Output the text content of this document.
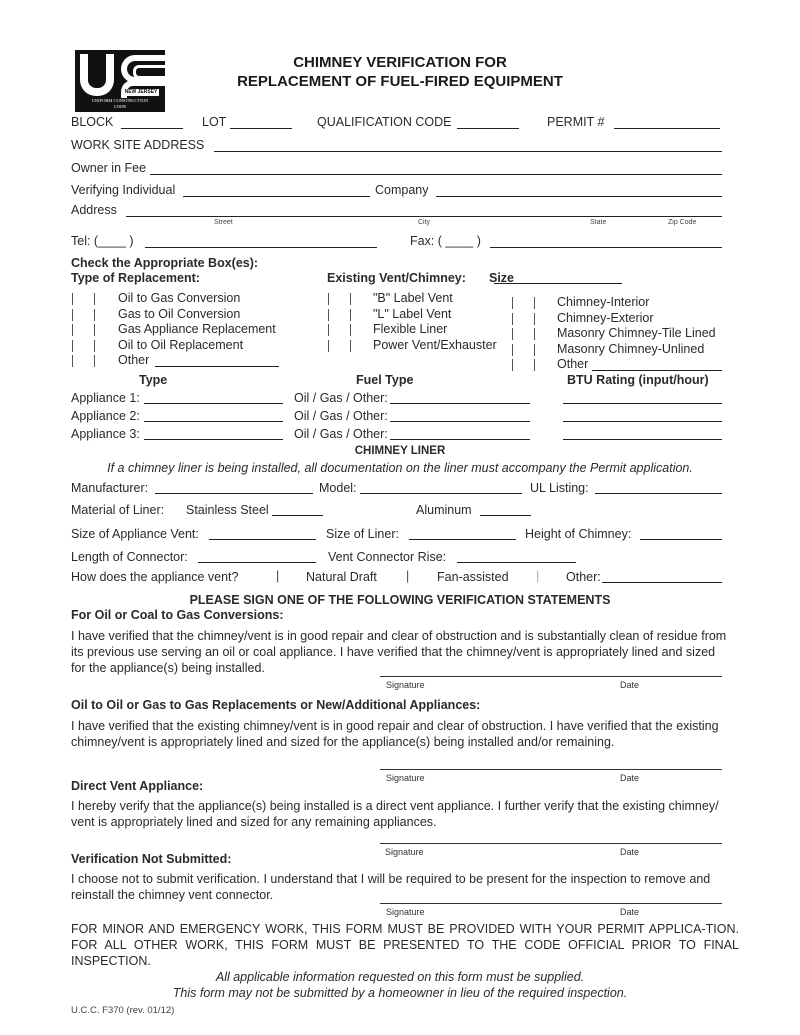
NEW JERSEY
UNIFORM CONSTRUCTION
CODE
CHIMNEY VERIFICATION FOR
REPLACEMENT OF FUEL-FIRED EQUIPMENT
BLOCK	LOT	QUALIFICATION CODE	PERMIT #
WORK SITE ADDRESS
Owner in Fee
Verifying Individual	Company
Address
Street	City	State	Zip Code
Tel: (____ )	Fax: ( ____ )
Check the Appropriate Box(es):
Type of Replacement:	Existing Vent/Chimney: Size
Oil to Gas Conversion
Gas to Oil Conversion
Gas Appliance Replacement
Oil to Oil Replacement
Other
"B" Label Vent
"L" Label Vent
Flexible Liner
Power Vent/Exhauster
Chimney-Interior
Chimney-Exterior
Masonry Chimney-Tile Lined
Masonry Chimney-Unlined
Other
Type	Fuel Type	BTU Rating (input/hour)
Appliance 1:	Oil / Gas / Other:
Appliance 2:	Oil / Gas / Other:
Appliance 3:	Oil / Gas / Other:
CHIMNEY LINER
If a chimney liner is being installed, all documentation on the liner must accompany the Permit application.
Manufacturer:	Model:	UL Listing:
Material of Liner: Stainless Steel	Aluminum
Size of Appliance Vent:	Size of Liner:	Height of Chimney:
Length of Connector:	Vent Connector Rise:
How does the appliance vent?	| Natural Draft | Fan-assisted | Other:
PLEASE SIGN ONE OF THE FOLLOWING VERIFICATION STATEMENTS
For Oil or Coal to Gas Conversions:
I have verified that the chimney/vent is in good repair and clear of obstruction and is substantially clean of residue from its previous use serving an oil or coal appliance. I have verified that the chimney/vent is appropriately lined and sized for the appliance(s) being installed.
Signature	Date
Oil to Oil or Gas to Gas Replacements or New/Additional Appliances:
I have verified that the existing chimney/vent is in good repair and clear of obstruction. I have verified that the existing chimney/vent is appropriately lined and sized for the appliance(s) being installed and/or remaining.
Signature	Date
Direct Vent Appliance:
I hereby verify that the appliance(s) being installed is a direct vent appliance. I further verify that the existing chimney/ vent is appropriately lined and sized for any remaining appliances.
Signature	Date
Verification Not Submitted:
I choose not to submit verification. I understand that I will be required to be present for the inspection to remove and reinstall the chimney vent connector.
Signature	Date
FOR MINOR AND EMERGENCY WORK, THIS FORM MUST BE PROVIDED WITH YOUR PERMIT APPLICA-TION. FOR ALL OTHER WORK, THIS FORM MUST BE PRESENTED TO THE CODE OFFICIAL PRIOR TO FINAL INSPECTION.
All applicable information requested on this form must be supplied.
This form may not be submitted by a homeowner in lieu of the required inspection.
U.C.C. F370 (rev. 01/12)
